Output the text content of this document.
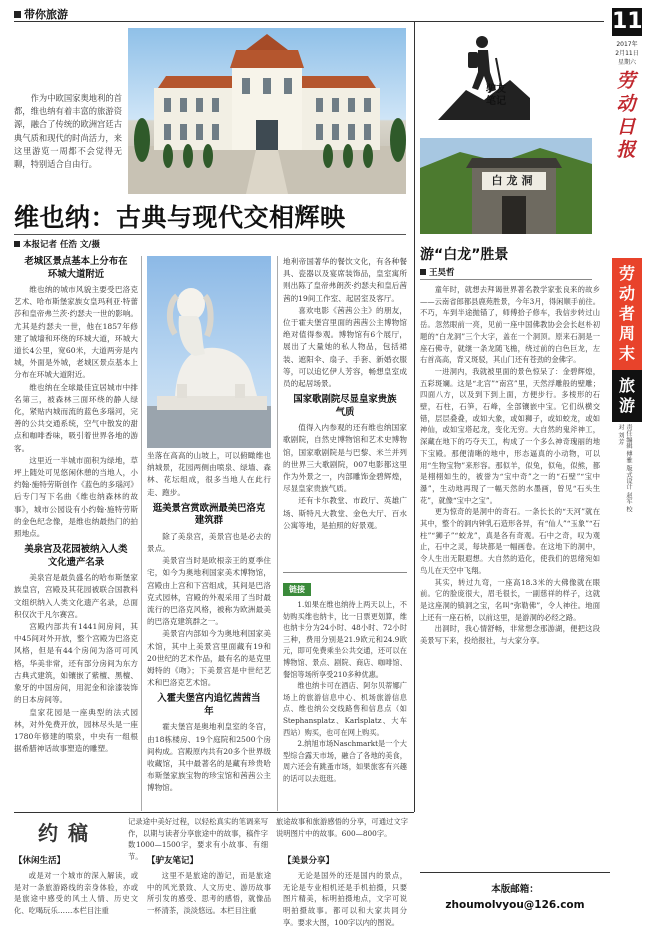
带你旅游

作为中欧国家奥地利的首都，维也纳有着丰富的旅游资源，融合了传统的欧洲宫廷古典气质和现代的时尚活力，来这里游览一周都不会觉得无聊，特别适合自由行。

维也纳：古典与现代交相辉映
本报记者 任浩 文/摄
老城区景点基本上分布在环城大道附近

维也纳的城市风貌主要受巴洛克艺术、哈布斯堡家族女皇玛利亚·特蕾莎和皇帝弗兰茨·约瑟夫一世的影响。尤其是约瑟夫一世，他在1857年修建了城墙和环绕的环城大道，环城大道长4公里，宽60米，大道两旁是内城，外面是外城，老城区景点基本上分布在环城大道附近。

维也纳在全球最佳宜居城市中排名第三，被森林三面环绕的静人绿化，紧贴内城而流的蓝色多瑙河，完善的公共交通系统，空气中散发的甜点和咖啡香味，吸引着世界各地的游客。

这里近一半城市面积为绿地，草坪上随处可见悠闲休憩的当地人，小约翰·施特劳斯创作《蓝色的多瑙河》后专门写下名曲《维也纳森林的故事》，城市公园设有小约翰·施特劳斯的金色纪念像，是维也纳最热门的拍照地点。

美泉宫及花园被纳入人类文化遗产名录

美泉宫是最负盛名的哈布斯堡家族皇宫，宫殿及其花园被联合国教科文组织纳入人类文化遗产名录，总面积仅次于凡尔赛宫。

宫殿内部共有1441间房间，其中45间对外开放，整个宫殿为巴洛克风格，但是有44个房间为洛可可风格，华美非常，还有部分房间为东方古典式建筑，如镶嵌了紫檀、黑檀、象牙的中国房间，用泥金和涂漆装饰的日本房间等。

皇家花园是一座典型的法式园林，对外免费开放，园林尽头是一座1780年修建的喷泉，中央有一组根据希腊神话故事塑造的雕塑。

坐落在高高的山坡上，可以俯瞰维也纳城景，花园两侧由喷泉、绿墙、森林、花坛组成，很多当地人在此行走、跑步。

逛美景宫赏欧洲最美巴洛克建筑群

除了美泉宫，美景宫也是必去的景点。

美景宫当时是欧根亲王的夏季住宅，如今为奥地利国家美术博物馆，宫殿由上宫和下宫组成，其间是巴洛克式园林，宫殿的外观采用了当时最流行的巴洛克风格，被称为欧洲最美的巴洛克建筑群之一。

美景宫内部如今为奥地利国家美术馆，其中上美景宫里面藏有19和20世纪的艺术作品，最有名的是克里姆特的《吻》；下美景宫是中世纪艺术和巴洛克艺术馆。

入霍夫堡宫内追忆茜茜当年

霍夫堡宫是奥地利皇室的冬宫，由18栋楼房、19个庭院和2500个房间构成。宫殿原内共有20多个世界级收藏馆，其中最著名的是藏有珍贵哈布斯堡家族宝物的珍宝馆和茜茜公主博物馆。

地利帝国著华的餐饮文化，有各种餐具、瓷器以及宴席装饰品，皇室寓所则出陈了皇帝弗朗茨·约瑟夫和皇后茜茜的19间工作室、起居室及客厅。

喜欢电影《茜茜公主》的朋友，位于霍夫堡宫里面的茜茜公主博物馆绝对值得参观。博物馆有6个展厅，展出了大量她的私人物品，包括裙装、遮阳伞、扇子、手套、新婚衣服等，可以追忆伊人芳容，畅想皇室成员的起居场景。

国家歌剧院尽显皇家贵族气质

值得入内参观的还有维也纳国家歌剧院，自然史博物馆和艺术史博物馆，国家歌剧院是与巴黎、米兰并列的世界三大歌剧院，007电影都这里作为外景之一，内部雕饰金碧辉煌，尽显皇家贵族气质。

还有卡尔教堂、市政厅、英雄广场、斯特凡大教堂、金色大厅、百水公寓等地，是拍照的好景观。

链接

1.如果在维也纳待上两天以上，不妨购买维也纳卡，比一日票更划算，维也纳卡分为24小时、48小时、72小时三种，费用分别是21.9欧元和24.9欧元，即可免费乘坐公共交通，还可以在博物馆、景点、剧院、商店、咖啡馆、餐馆等场所享受210多种优惠。

维也纳卡可在酒店、阿尔贝蒂娜广场上的旅游信息中心、机场旅游信息点、维也纳公交线路售和信息点（如Stephansplatz、Karlsplatz、大车西站）购买，也可在网上购买。

2.纳旭市场Naschmarkt是一个大型综合露天市场，融合了各地的美食，周六还会有跳蚤市场，如果旅客有兴趣的话可以去逛逛。

驴友笔记
白龙洞
游“白龙”胜景
王昊哲

童年时，就想去拜谒世界著名教学家张良来的故乡——云南省郎都县鹿苑胜景，今年3月，得闲顺手前往。不巧，车到半途抛锚了，师傅拾子修车，我信步转过山岳。忽然眼前一亮，见前一座中国佛教协会会长赵朴初题的“白龙洞”三个大字，盖在一个洞顶。原来石洞是一座石佛寺，就继一条龙随飞檐，绕过前的白色巨龙，左右首高高，背又斑驳，其山门还有苍劲的金佛字。

一进洞内，我就被里面的景色惊呆了：金碧辉煌，五彩斑斓。这是“北宫”“南宫”里，天然浮雕般的壁雕；四面八方，以及到下到上面，方便步行。多棱形的石壁，石柱，石笋，石峰，全部镶嵌中宝。它们纵横交错，层层叠叠，或如大象，或如狮子，或如蛟龙，或如神仙，或如宝塔起龙，变化无穷。大自然的鬼斧神工，深藏在地下的巧夺天工，构成了一个多么神奇瑰丽的地下宝殿。那便清晰的地中，形态逼真的小动物，可以用“生物宝物”来形容。那似羊，似兔，似龟，似熊，都是栩栩如生的，被誉为“宝中奇”之一的“石壁”“宝中瀑”，生动地再现了一幅天然的水墨画，曾见“石头生花”，就像“宝中之宝”。

更为惊奇的是洞中的奇石。一条长长的“天河”就在其中，整个的洞内钟乳石造形各异，有“仙人”“玉象”“石柱”“狮子”“蛟龙”，真是各有奇观。石中之奇，叹为观止，石中之灵，每块都是一幅画卷。在这地下的洞中，令人生出无限遐想。大自然的造化，使我们的思绪宛如鸟儿在天空中飞翔。

其实，转过九弯，一座高18.3米的大佛像就在眼前。它的脸庞很大，眉毛很长，一副慈祥的样子，这就是这座洞的镇洞之宝，名叫“弥勒佛”，令人神往。地面上还有一座石桥，以前这里，是游洞的必经之路。

出洞时，我心情舒畅，非常想念那游湖，便把这段美景写下来，投给报社，与大家分享。

本版邮箱：
zhoumolvyou@126.com
11
2017年
2月11日
星期六
劳动日报
劳动者周末
旅游
责任编辑 傅雅 版式设计 赵军 校对 刘芳
约稿	记录途中美好过程，以轻松真实的笔调来写作，以期与读者分享旅途中的故事，稿件字数1000—1500字，要求有小故事、有细节。

旅途故事和旅游感悟的分享，可通过文字说明图片中的故事。600—800字。

【休闲生活】

或是对一个城市的深入解读，或是对一条旅游路线的亲身体验，亦或是旅途中感受的风土人情、历史文化、吃喝玩乐……本栏目注重

【驴友笔记】

这里不是旅途的游记，而是旅途中的风光景致、人文历史、游历故事所引发的感受、思考的感悟，就像品一杯清茶，淡淡悠远。本栏目注重

【美景分享】

无论是国外的还是国内的景点，无论是专业相机还是手机拍摄，只要图片精美，标明拍摄地点，文字可说明拍摄故事。都可以和大家共同分享。要求大图，100字以内的图说。
